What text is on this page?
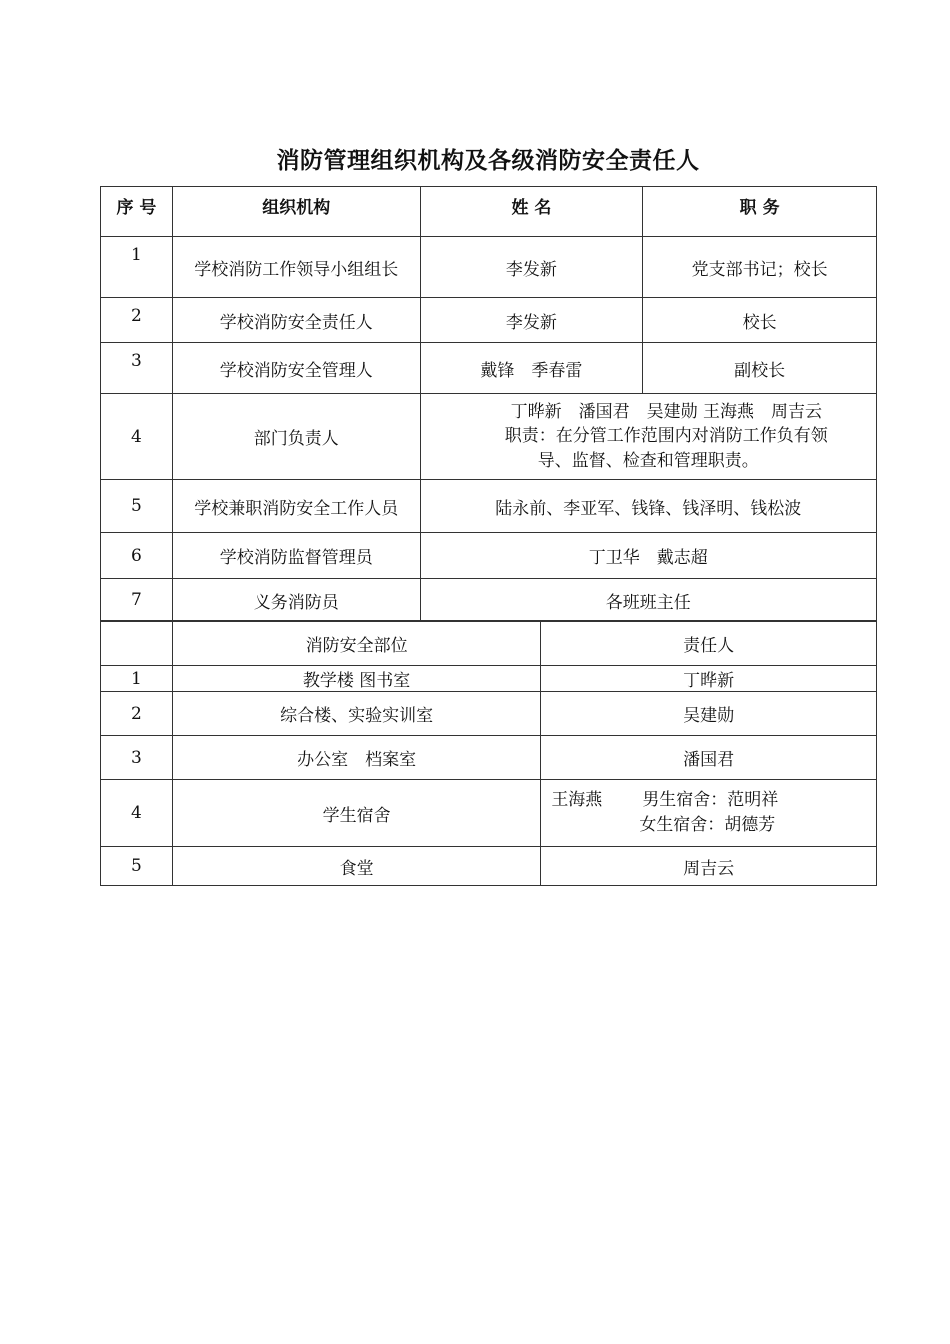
消防管理组织机构及各级消防安全责任人
序 号	组织机构	姓 名	职 务
1	学校消防工作领导小组组长	李发新	党支部书记；校长
2	学校消防安全责任人	李发新	校长
3	学校消防安全管理人	戴锋　季春雷	副校长
4	部门负责人	丁晔新　潘国君　吴建勋 王海燕　周吉云
职责：在分管工作范围内对消防工作负有领
导、监督、检查和管理职责。	
5	学校兼职消防安全工作人员	陆永前、李亚军、钱锋、钱泽明、钱松波	
6	学校消防监督管理员	丁卫华　戴志超	
7	义务消防员	各班班主任	
	消防安全部位	责任人
1	教学楼 图书室	丁晔新
2	综合楼、实验实训室	吴建勋
3	办公室　档案室	潘国君
4	学生宿舍	王海燕 男生宿舍：范明祥
女生宿舍：胡德芳
5	食堂	周吉云
